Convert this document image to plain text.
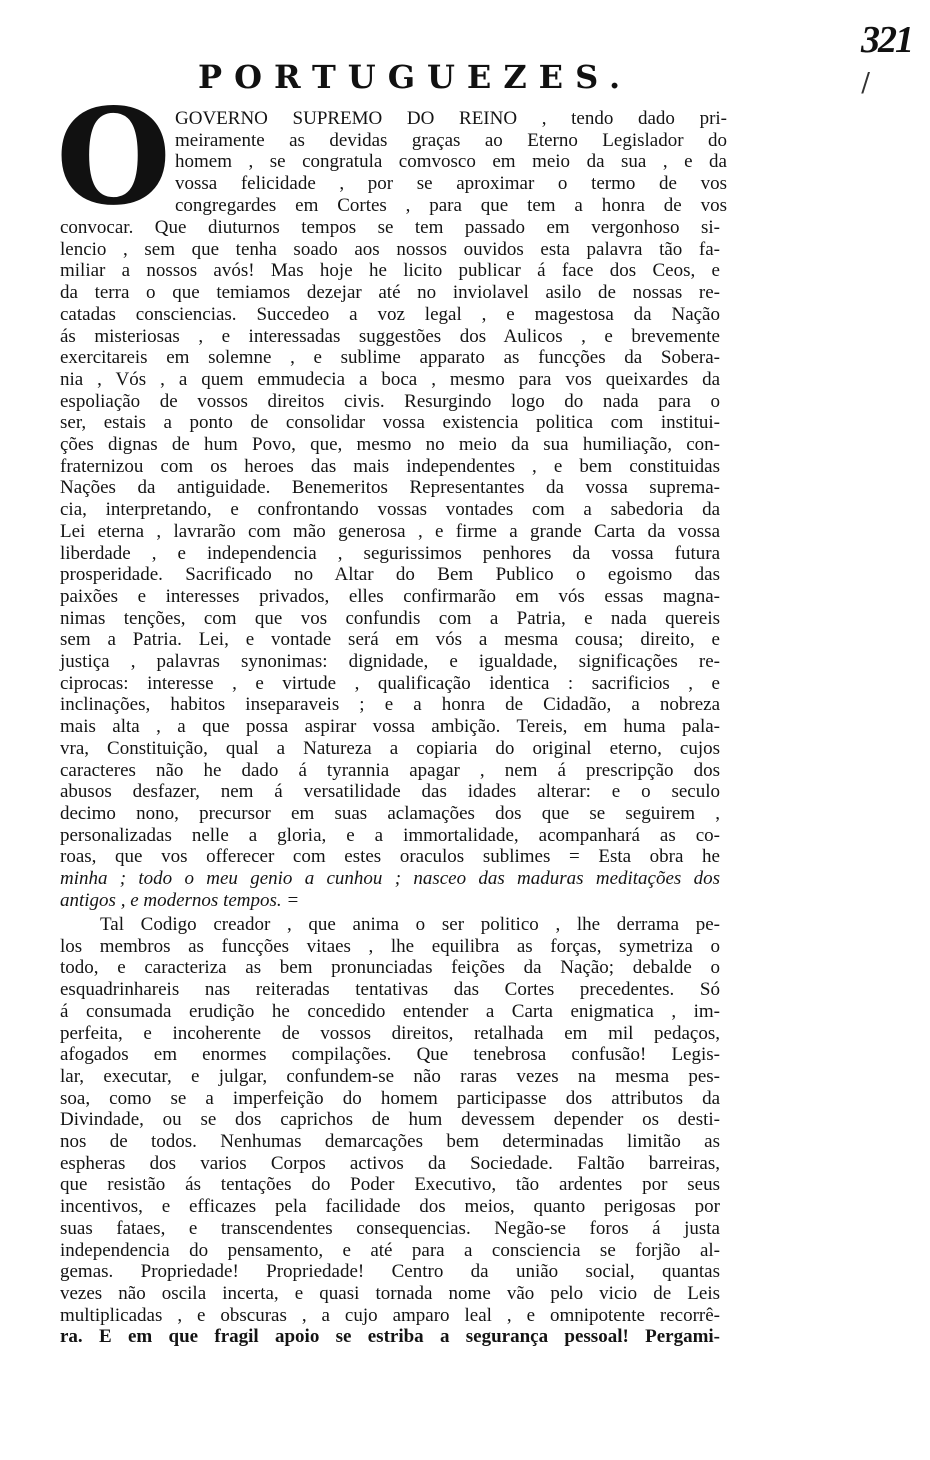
321
/
PORTUGUEZES.
O GOVERNO SUPREMO DO REINO , tendo dado pri-
meiramente as devidas graças ao Eterno Legislador do
homem , se congratula comvosco em meio da sua , e da
vossa felicidade , por se aproximar o termo de vos
congregardes em Cortes , para que tem a honra de vos
convocar. Que diuturnos tempos se tem passado em vergonhoso si-
lencio , sem que tenha soado aos nossos ouvidos esta palavra tão fa-
miliar a nossos avós! Mas hoje he licito publicar á face dos Ceos, e
da terra o que temiamos dezejar até no inviolavel asilo de nossas re-
catadas consciencias. Succedeo a voz legal , e magestosa da Nação
ás misteriosas , e interessadas suggestões dos Aulicos , e brevemente
exercitareis em solemne , e sublime apparato as funcções da Sobera-
nia , Vós , a quem emmudecia a boca , mesmo para vos queixardes da
espoliação de vossos direitos civis. Resurgindo logo do nada para o
ser, estais a ponto de consolidar vossa existencia politica com institui-
ções dignas de hum Povo, que, mesmo no meio da sua humiliação, con-
fraternizou com os heroes das mais independentes , e bem constituidas
Nações da antiguidade. Benemeritos Representantes da vossa suprema-
cia, interpretando, e confrontando vossas vontades com a sabedoria da
Lei eterna , lavrarão com mão generosa , e firme a grande Carta da vossa
liberdade , e independencia , segurissimos penhores da vossa futura
prosperidade. Sacrificado no Altar do Bem Publico o egoismo das
paixões e interesses privados, elles confirmarão em vós essas magna-
nimas tenções, com que vos confundis com a Patria, e nada quereis
sem a Patria. Lei, e vontade será em vós a mesma cousa; direito, e
justiça , palavras synonimas: dignidade, e igualdade, significações re-
ciprocas: interesse , e virtude , qualificação identica : sacrificios , e
inclinações, habitos inseparaveis ; e a honra de Cidadão, a nobreza
mais alta , a que possa aspirar vossa ambição. Tereis, em huma pala-
vra, Constituição, qual a Natureza a copiaria do original eterno, cujos
caracteres não he dado á tyrannia apagar , nem á prescripção dos
abusos desfazer, nem á versatilidade das idades alterar: e o seculo
decimo nono, precursor em suas aclamações dos que se seguirem ,
personalizadas nelle a gloria, e a immortalidade, acompanhará as co-
roas, que vos offerecer com estes oraculos sublimes = Esta obra he
minha ; todo o meu genio a cunhou ; nasceo das maduras meditações dos
antigos , e modernos tempos. =
Tal Codigo creador , que anima o ser politico , lhe derrama pe-
los membros as funcções vitaes , lhe equilibra as forças, symetriza o
todo, e caracteriza as bem pronunciadas feições da Nação; debalde o
esquadrinhareis nas reiteradas tentativas das Cortes precedentes. Só
á consumada erudição he concedido entender a Carta enigmatica , im-
perfeita, e incoherente de vossos direitos, retalhada em mil pedaços,
afogados em enormes compilações. Que tenebrosa confusão! Legis-
lar, executar, e julgar, confundem-se não raras vezes na mesma pes-
soa, como se a imperfeição do homem participasse dos attributos da
Divindade, ou se dos caprichos de hum devessem depender os desti-
nos de todos. Nenhumas demarcações bem determinadas limitão as
espheras dos varios Corpos activos da Sociedade. Faltão barreiras,
que resistão ás tentações do Poder Executivo, tão ardentes por seus
incentivos, e efficazes pela facilidade dos meios, quanto perigosas por
suas fataes, e transcendentes consequencias. Negão-se foros á justa
independencia do pensamento, e até para a consciencia se forjão al-
gemas. Propriedade! Propriedade! Centro da união social, quantas
vezes não oscila incerta, e quasi tornada nome vão pelo vicio de Leis
multiplicadas , e obscuras , a cujo amparo leal , e omnipotente recorrê-
ra. E em que fragil apoio se estriba a segurança pessoal! Pergami-
